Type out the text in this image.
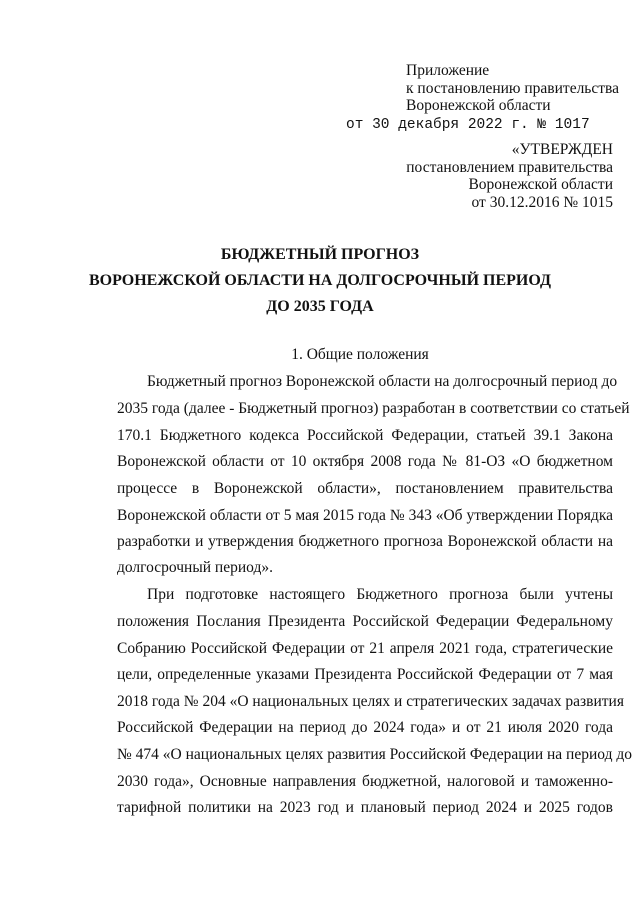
Приложение
к постановлению правительства
Воронежской области
от 30 декабря 2022 г. № 1017
«УТВЕРЖДЕН
постановлением правительства
Воронежской области
от 30.12.2016 № 1015
БЮДЖЕТНЫЙ ПРОГНОЗ
ВОРОНЕЖСКОЙ ОБЛАСТИ НА ДОЛГОСРОЧНЫЙ ПЕРИОД
ДО 2035 ГОДА
1. Общие положения
Бюджетный прогноз Воронежской области на долгосрочный период до
2035 года (далее - Бюджетный прогноз) разработан в соответствии со статьей
170.1 Бюджетного кодекса Российской Федерации, статьей 39.1 Закона
Воронежской области от 10 октября 2008 года № 81-ОЗ «О бюджетном
процессе в Воронежской области», постановлением правительства
Воронежской области от 5 мая 2015 года № 343 «Об утверждении Порядка
разработки и утверждения бюджетного прогноза Воронежской области на
долгосрочный период».
При подготовке настоящего Бюджетного прогноза были учтены
положения Послания Президента Российской Федерации Федеральному
Собранию Российской Федерации от 21 апреля 2021 года, стратегические
цели, определенные указами Президента Российской Федерации от 7 мая
2018 года № 204 «О национальных целях и стратегических задачах развития
Российской Федерации на период до 2024 года» и от 21 июля 2020 года
№ 474 «О национальных целях развития Российской Федерации на период до
2030 года», Основные направления бюджетной, налоговой и таможенно-
тарифной политики на 2023 год и плановый период 2024 и 2025 годов
